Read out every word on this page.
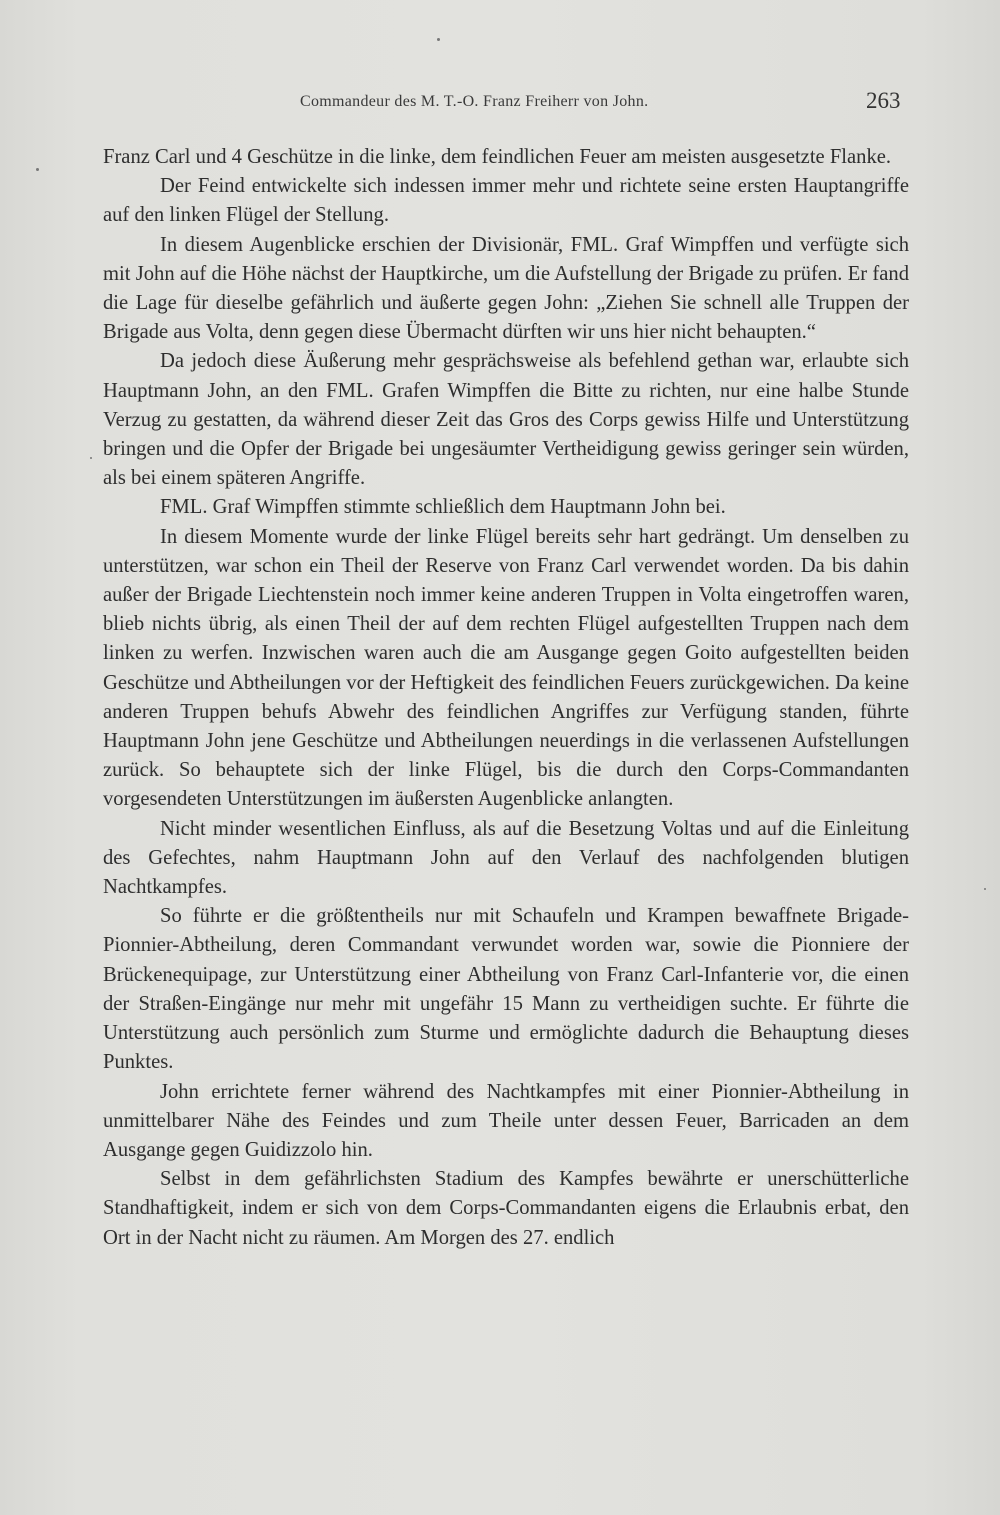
Commandeur des M. T.-O. Franz Freiherr von John.	263

Franz Carl und 4 Geschütze in die linke, dem feindlichen Feuer am meisten ausgesetzte Flanke.

Der Feind entwickelte sich indessen immer mehr und richtete seine ersten Hauptangriffe auf den linken Flügel der Stellung.

In diesem Augenblicke erschien der Divisionär, FML. Graf Wimpffen und verfügte sich mit John auf die Höhe nächst der Hauptkirche, um die Aufstellung der Brigade zu prüfen. Er fand die Lage für dieselbe gefährlich und äußerte gegen John: „Ziehen Sie schnell alle Truppen der Brigade aus Volta, denn gegen diese Übermacht dürften wir uns hier nicht behaupten.“

Da jedoch diese Äußerung mehr gesprächsweise als befehlend gethan war, erlaubte sich Hauptmann John, an den FML. Grafen Wimpffen die Bitte zu richten, nur eine halbe Stunde Verzug zu gestatten, da während dieser Zeit das Gros des Corps gewiss Hilfe und Unterstützung bringen und die Opfer der Brigade bei ungesäumter Vertheidigung gewiss geringer sein würden, als bei einem späteren Angriffe.

FML. Graf Wimpffen stimmte schließlich dem Hauptmann John bei.

In diesem Momente wurde der linke Flügel bereits sehr hart gedrängt. Um denselben zu unterstützen, war schon ein Theil der Reserve von Franz Carl verwendet worden. Da bis dahin außer der Brigade Liechtenstein noch immer keine anderen Truppen in Volta eingetroffen waren, blieb nichts übrig, als einen Theil der auf dem rechten Flügel aufgestellten Truppen nach dem linken zu werfen. Inzwischen waren auch die am Ausgange gegen Goito aufgestellten beiden Geschütze und Abtheilungen vor der Heftigkeit des feindlichen Feuers zurückgewichen. Da keine anderen Truppen behufs Abwehr des feindlichen Angriffes zur Verfügung standen, führte Hauptmann John jene Geschütze und Abtheilungen neuerdings in die verlassenen Aufstellungen zurück. So behauptete sich der linke Flügel, bis die durch den Corps-Commandanten vorgesendeten Unterstützungen im äußersten Augenblicke anlangten.

Nicht minder wesentlichen Einfluss, als auf die Besetzung Voltas und auf die Einleitung des Gefechtes, nahm Hauptmann John auf den Verlauf des nachfolgenden blutigen Nachtkampfes.

So führte er die größtentheils nur mit Schaufeln und Krampen bewaffnete Brigade-Pionnier-Abtheilung, deren Commandant verwundet worden war, sowie die Pionniere der Brückenequipage, zur Unterstützung einer Abtheilung von Franz Carl-Infanterie vor, die einen der Straßen-Eingänge nur mehr mit ungefähr 15 Mann zu vertheidigen suchte. Er führte die Unterstützung auch persönlich zum Sturme und ermöglichte dadurch die Behauptung dieses Punktes.

John errichtete ferner während des Nachtkampfes mit einer Pionnier-Abtheilung in unmittelbarer Nähe des Feindes und zum Theile unter dessen Feuer, Barricaden an dem Ausgange gegen Guidizzolo hin.

Selbst in dem gefährlichsten Stadium des Kampfes bewährte er unerschütterliche Standhaftigkeit, indem er sich von dem Corps-Commandanten eigens die Erlaubnis erbat, den Ort in der Nacht nicht zu räumen. Am Morgen des 27. endlich
